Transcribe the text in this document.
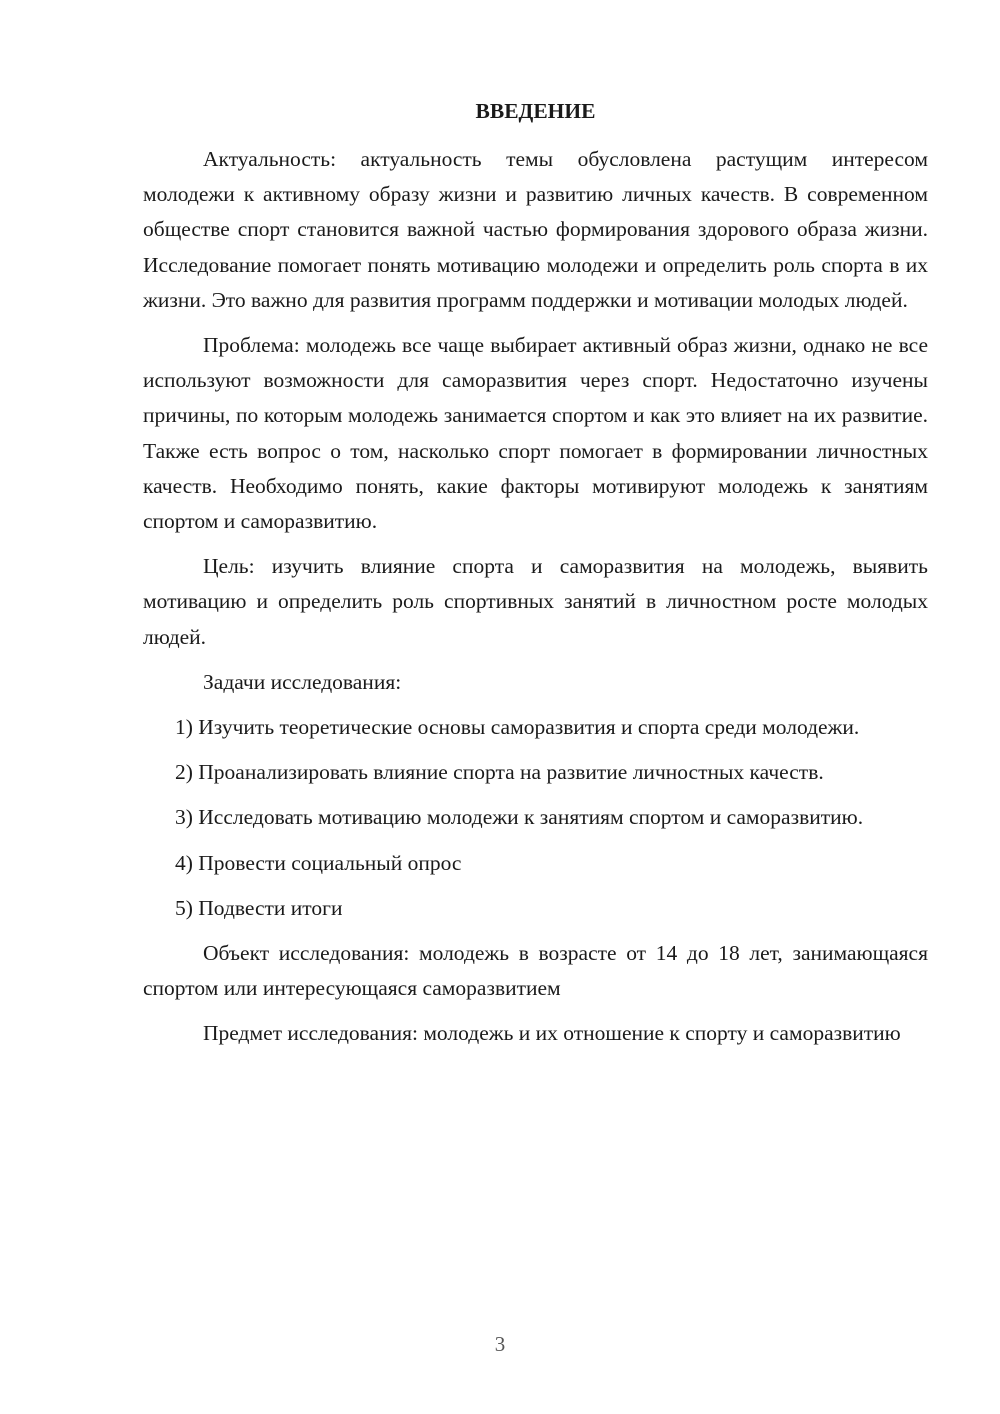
ВВЕДЕНИЕ

Актуальность: актуальность темы обусловлена растущим интересом молодежи к активному образу жизни и развитию личных качеств. В современном обществе спорт становится важной частью формирования здорового образа жизни. Исследование помогает понять мотивацию молодежи и определить роль спорта в их жизни. Это важно для развития программ поддержки и мотивации молодых людей.

Проблема: молодежь все чаще выбирает активный образ жизни, однако не все используют возможности для саморазвития через спорт. Недостаточно изучены причины, по которым молодежь занимается спортом и как это влияет на их развитие. Также есть вопрос о том, насколько спорт помогает в формировании личностных качеств. Необходимо понять, какие факторы мотивируют молодежь к занятиям спортом и саморазвитию.

Цель: изучить влияние спорта и саморазвития на молодежь, выявить мотивацию и определить роль спортивных занятий в личностном росте молодых людей.

Задачи исследования:

1) Изучить теоретические основы саморазвития и спорта среди молодежи.

2) Проанализировать влияние спорта на развитие личностных качеств.

3) Исследовать мотивацию молодежи к занятиям спортом и саморазвитию.

4) Провести социальный опрос

5) Подвести итоги

Объект исследования: молодежь в возрасте от 14 до 18 лет, занимающаяся спортом или интересующаяся саморазвитием

Предмет исследования: молодежь и их отношение к спорту и саморазвитию

3
